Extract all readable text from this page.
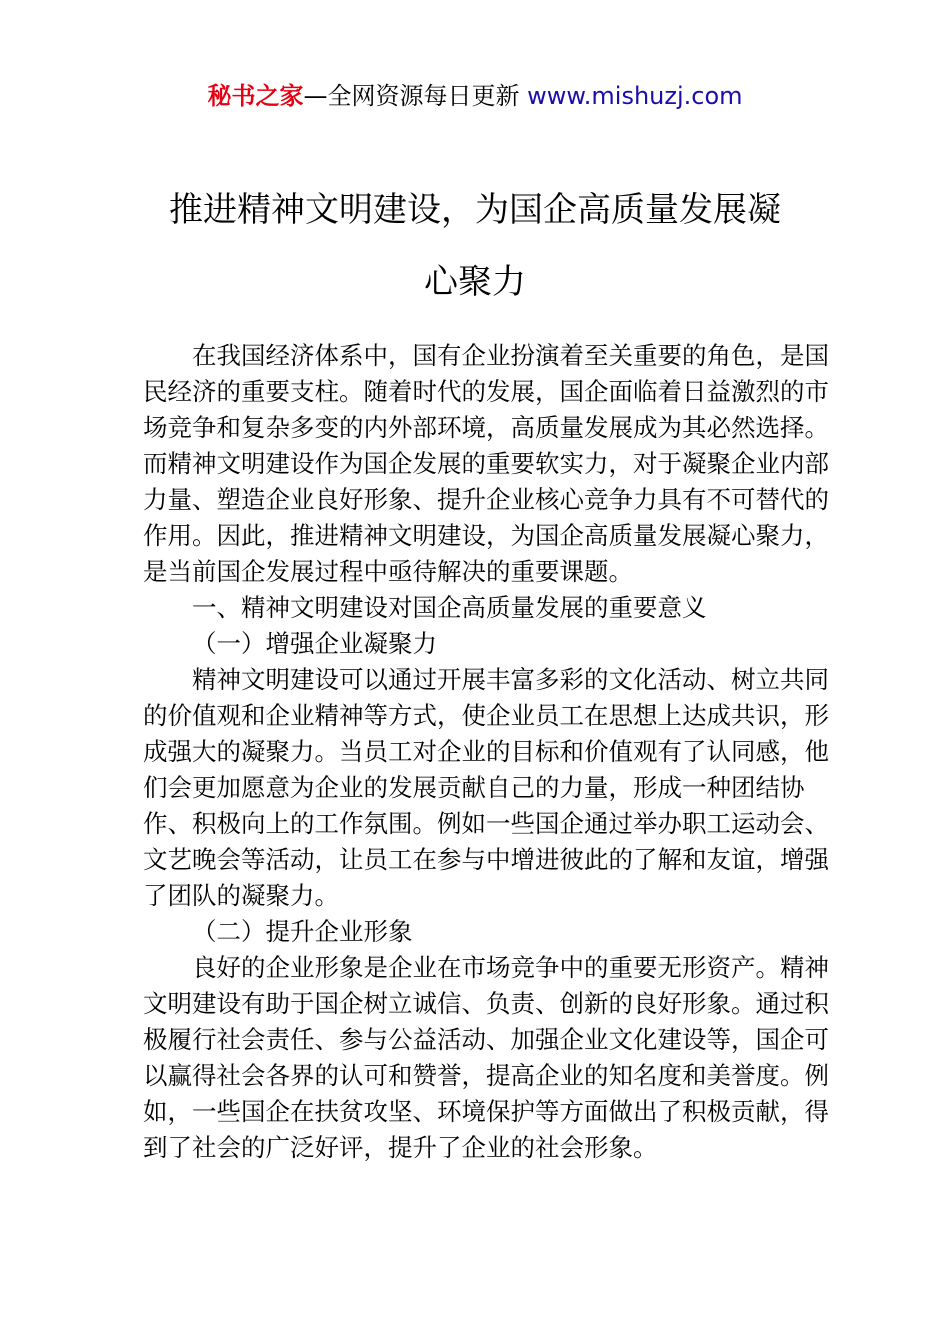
秘书之家—全网资源每日更新 www.mishuzj.com
推进精神文明建设，为国企高质量发展凝
心聚力

在我国经济体系中，国有企业扮演着至关重要的角色，是国民经济的重要支柱。随着时代的发展，国企面临着日益激烈的市场竞争和复杂多变的内外部环境，高质量发展成为其必然选择。而精神文明建设作为国企发展的重要软实力，对于凝聚企业内部力量、塑造企业良好形象、提升企业核心竞争力具有不可替代的作用。因此，推进精神文明建设，为国企高质量发展凝心聚力，是当前国企发展过程中亟待解决的重要课题。

一、精神文明建设对国企高质量发展的重要意义

（一）增强企业凝聚力

精神文明建设可以通过开展丰富多彩的文化活动、树立共同的价值观和企业精神等方式，使企业员工在思想上达成共识，形成强大的凝聚力。当员工对企业的目标和价值观有了认同感，他们会更加愿意为企业的发展贡献自己的力量，形成一种团结协作、积极向上的工作氛围。例如一些国企通过举办职工运动会、文艺晚会等活动，让员工在参与中增进彼此的了解和友谊，增强了团队的凝聚力。

（二）提升企业形象

良好的企业形象是企业在市场竞争中的重要无形资产。精神文明建设有助于国企树立诚信、负责、创新的良好形象。通过积极履行社会责任、参与公益活动、加强企业文化建设等，国企可以赢得社会各界的认可和赞誉，提高企业的知名度和美誉度。例如，一些国企在扶贫攻坚、环境保护等方面做出了积极贡献，得到了社会的广泛好评，提升了企业的社会形象。
